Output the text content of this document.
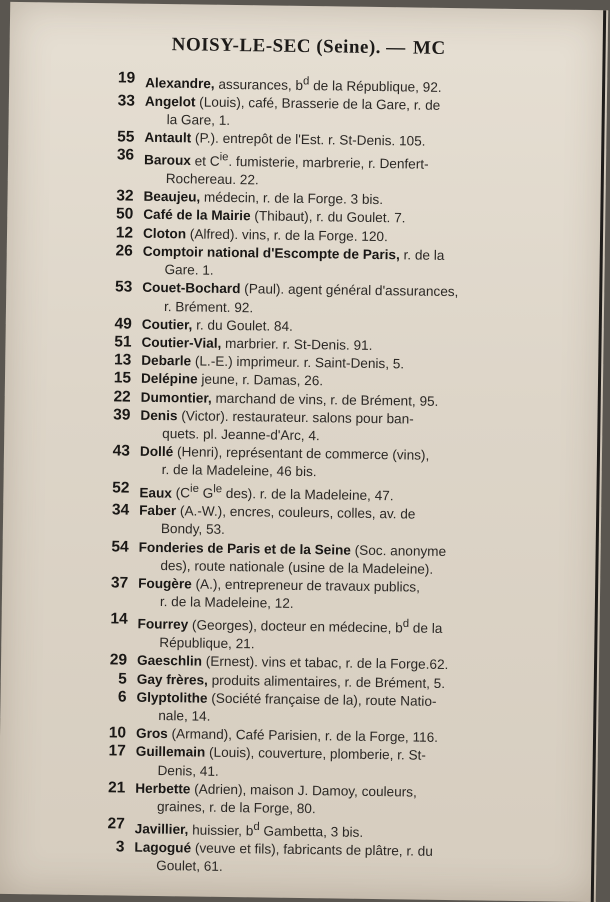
NOISY-LE-SEC (Seine). — MC
19 Alexandre, assurances, $b^d$ de la République, 92.
33 Angelot (Louis), café, Brasserie de la Gare, r. de
la Gare, 1.
55 Antault (P.). entrepôt de l'Est. r. St-Denis. 105.
36 Baroux et $C^{ie}$. fumisterie, marbrerie, r. Denfert-
Rochereau. 22.
32 Beaujeu, médecin, r. de la Forge. 3 bis.
50 Café de la Mairie (Thibaut), r. du Goulet. 7.
12 Cloton (Alfred). vins, r. de la Forge. 120.
26 Comptoir national d'Escompte de Paris, r. de la
Gare. 1.
53 Couet-Bochard (Paul). agent général d'assurances,
r. Brément. 92.
49 Coutier, r. du Goulet. 84.
51 Coutier-Vial, marbrier. r. St-Denis. 91.
13 Debarle (L.-E.) imprimeur. r. Saint-Denis, 5.
15 Delépine jeune, r. Damas, 26.
22 Dumontier, marchand de vins, r. de Brément, 95.
39 Denis (Victor). restaurateur. salons pour ban-
quets. pl. Jeanne-d'Arc, 4.
43 Dollé (Henri), représentant de commerce (vins),
r. de la Madeleine, 46 bis.
52 Eaux ($C^{ie}$ $G^{le}$ des). r. de la Madeleine, 47.
34 Faber (A.-W.), encres, couleurs, colles, av. de
Bondy, 53.
54 Fonderies de Paris et de la Seine (Soc. anonyme
des), route nationale (usine de la Madeleine).
37 Fougère (A.), entrepreneur de travaux publics,
r. de la Madeleine, 12.
14 Fourrey (Georges), docteur en médecine, $b^d$ de la
République, 21.
29 Gaeschlin (Ernest). vins et tabac, r. de la Forge.62.
5 Gay frères, produits alimentaires, r. de Brément, 5.
6 Glyptolithe (Société française de la), route Natio-
nale, 14.
10 Gros (Armand), Café Parisien, r. de la Forge, 116.
17 Guillemain (Louis), couverture, plomberie, r. St-
Denis, 41.
21 Herbette (Adrien), maison J. Damoy, couleurs,
graines, r. de la Forge, 80.
27 Javillier, huissier, $b^d$ Gambetta, 3 bis.
3 Lagogué (veuve et fils), fabricants de plâtre, r. du
Goulet, 61.
